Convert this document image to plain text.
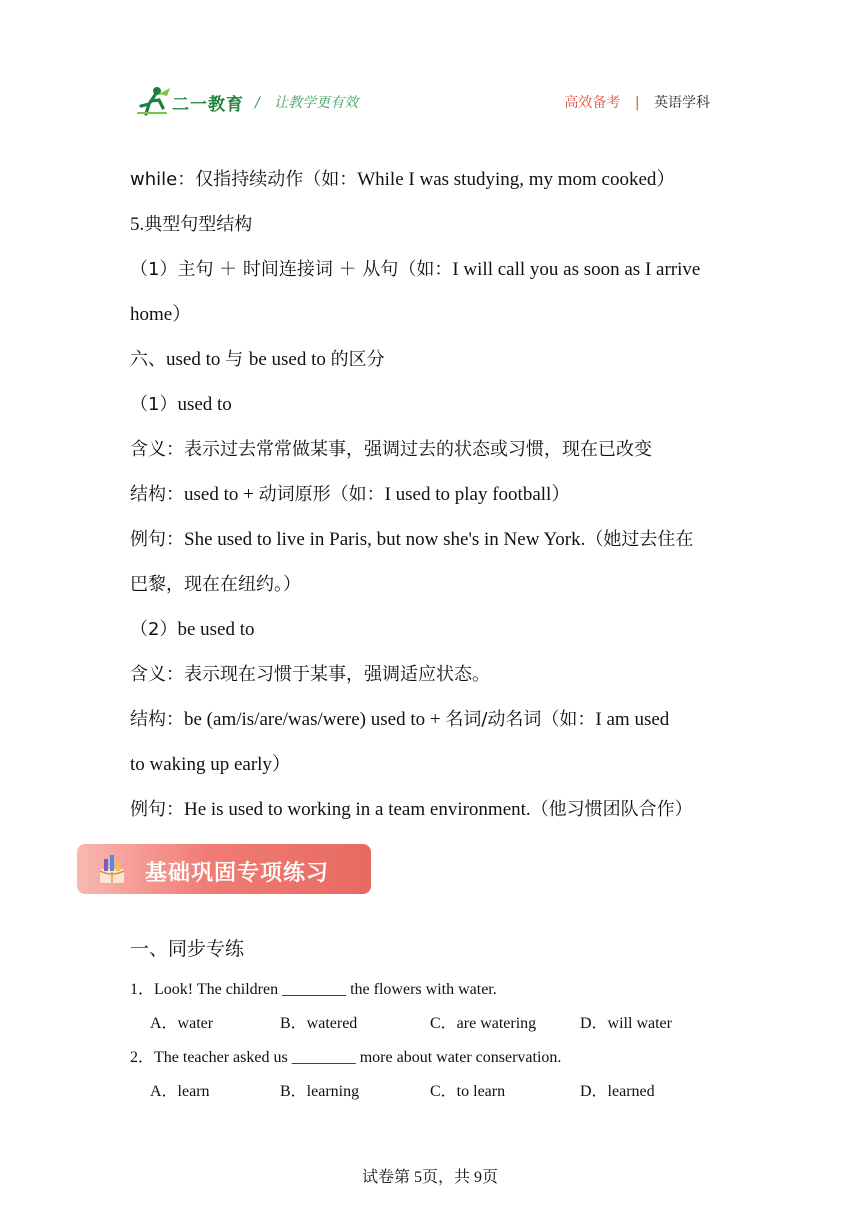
二一教育 / 让教学更有效	高效备考 | 英语学科
while：仅指持续动作（如：While I was studying, my mom cooked）
5.典型句型结构
（1）主句 ＋ 时间连接词 ＋ 从句（如：I will call you as soon as I arrive
home）
六、used to 与 be used to 的区分
（1）used to
含义：表示过去常常做某事，强调过去的状态或习惯，现在已改变
结构：used to + 动词原形（如：I used to play football）
例句：She used to live in Paris, but now she's in New York.（她过去住在
巴黎，现在在纽约。）
（2）be used to
含义：表示现在习惯于某事，强调适应状态。
结构：be (am/is/are/was/were) used to + 名词/动名词（如：I am used
to waking up early）
例句：He is used to working in a team environment.（他习惯团队合作）
基础巩固专项练习
一、同步专练
1．Look! The children ________ the flowers with water.
A．water	B．watered	C．are watering	D．will water
2．The teacher asked us ________ more about water conservation.
A．learn	B．learning	C．to learn	D．learned
试卷第 5页，共 9页
